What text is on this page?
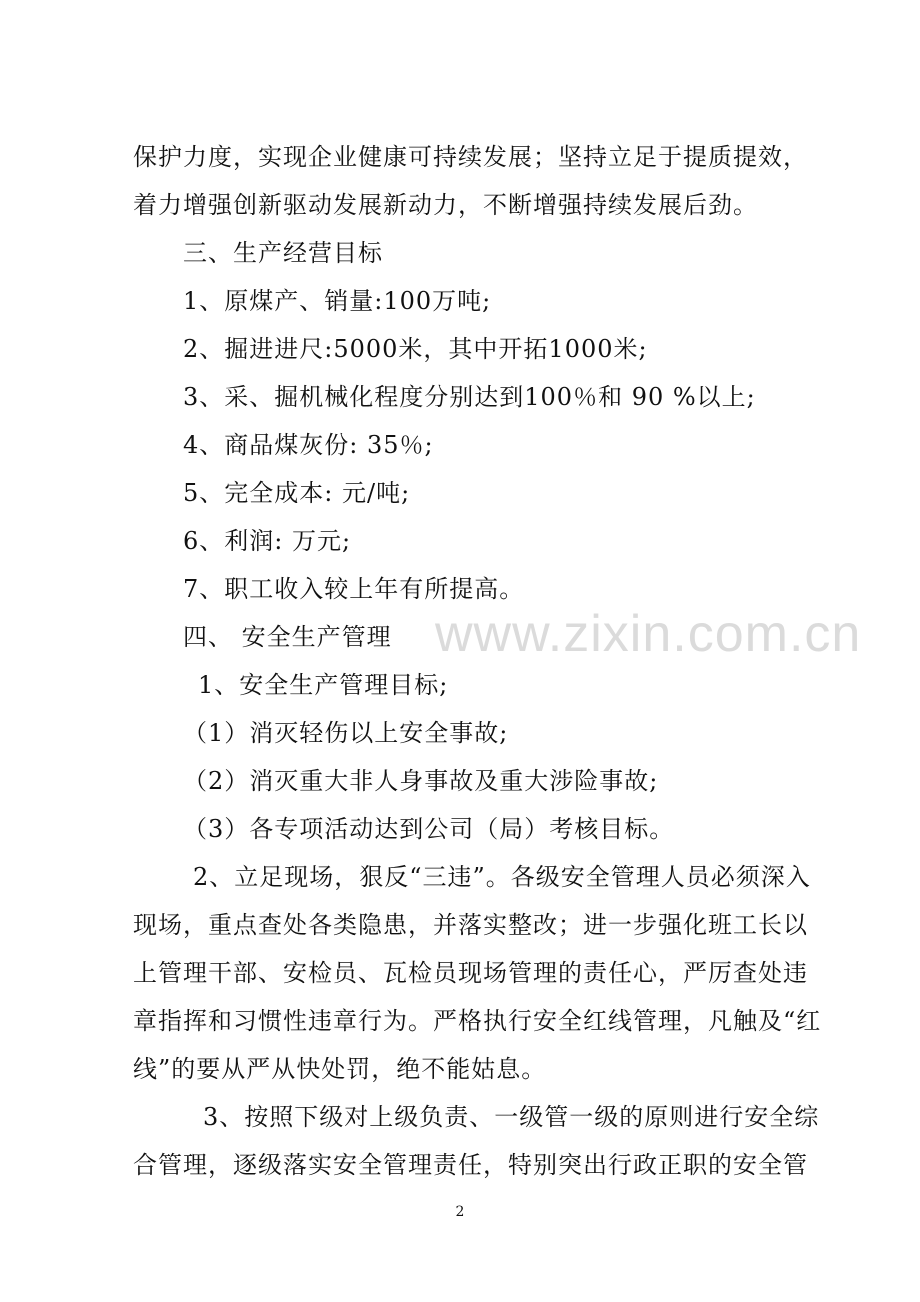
保护力度，实现企业健康可持续发展；坚持立足于提质提效，
着力增强创新驱动发展新动力，不断增强持续发展后劲。
三、生产经营目标
1、原煤产、销量:100万吨;
2、掘进进尺:5000米，其中开拓1000米;
3、采、掘机械化程度分别达到100％和 90 %以上;
4、商品煤灰份: 35％;
5、完全成本: 元/吨;
6、利润: 万元;
7、职工收入较上年有所提高。
四、 安全生产管理
1、安全生产管理目标;
（1）消灭轻伤以上安全事故;
（2）消灭重大非人身事故及重大涉险事故;
（3）各专项活动达到公司（局）考核目标。
2、立足现场，狠反“三违”。各级安全管理人员必须深入
现场，重点查处各类隐患，并落实整改；进一步强化班工长以
上管理干部、安检员、瓦检员现场管理的责任心，严厉查处违
章指挥和习惯性违章行为。严格执行安全红线管理，凡触及“红
线”的要从严从快处罚，绝不能姑息。
3、按照下级对上级负责、一级管一级的原则进行安全综
合管理，逐级落实安全管理责任，特别突出行政正职的安全管
www.zixin.com.cn
2
